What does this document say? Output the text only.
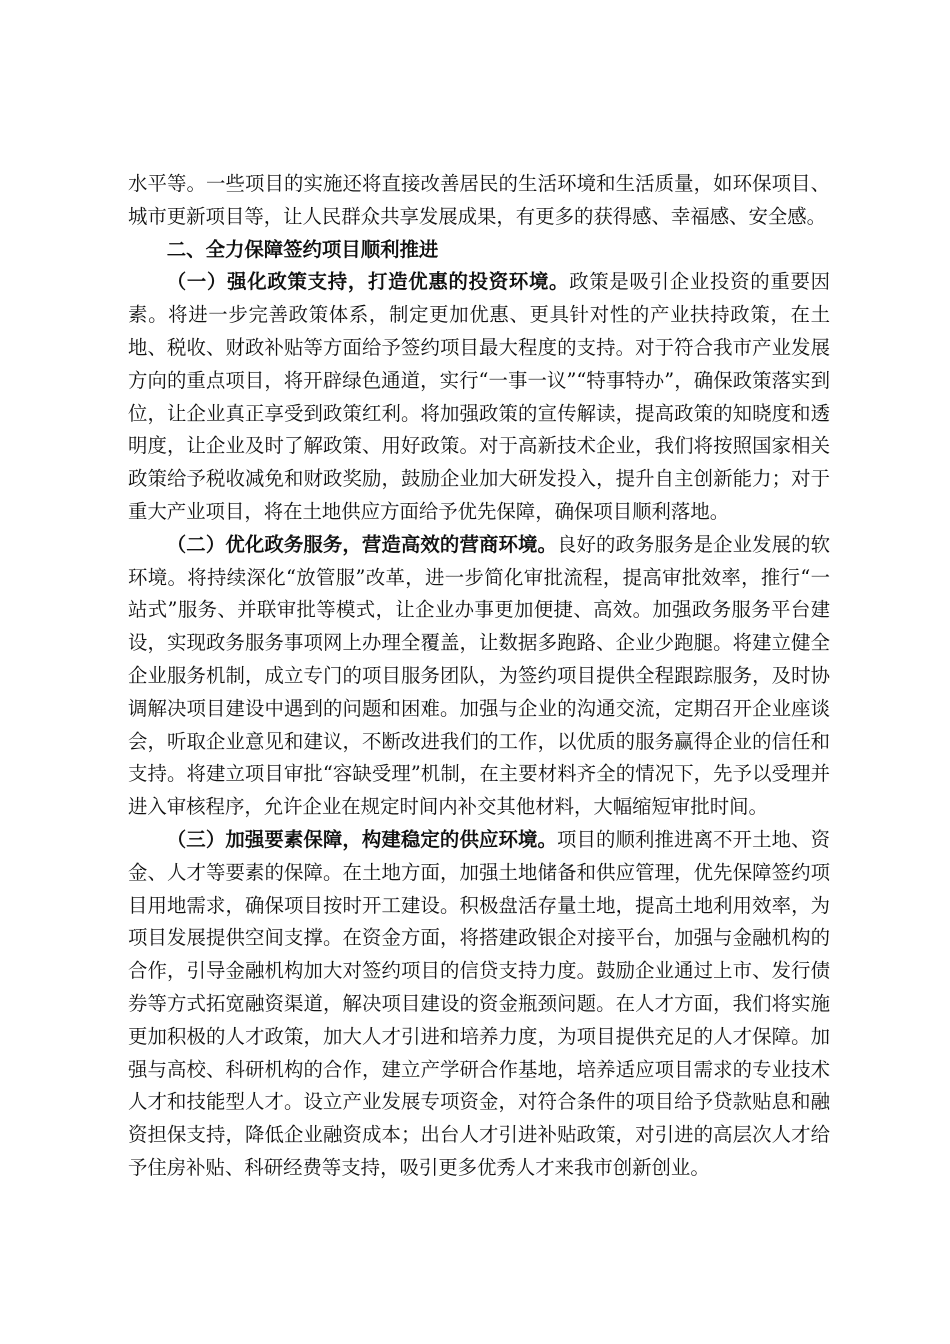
水平等。一些项目的实施还将直接改善居民的生活环境和生活质量，如环保项目、城市更新项目等，让人民群众共享发展成果，有更多的获得感、幸福感、安全感。

二、全力保障签约项目顺利推进

（一）强化政策支持，打造优惠的投资环境。政策是吸引企业投资的重要因素。将进一步完善政策体系，制定更加优惠、更具针对性的产业扶持政策，在土地、税收、财政补贴等方面给予签约项目最大程度的支持。对于符合我市产业发展方向的重点项目，将开辟绿色通道，实行“一事一议”“特事特办”，确保政策落实到位，让企业真正享受到政策红利。将加强政策的宣传解读，提高政策的知晓度和透明度，让企业及时了解政策、用好政策。对于高新技术企业，我们将按照国家相关政策给予税收减免和财政奖励，鼓励企业加大研发投入，提升自主创新能力；对于重大产业项目，将在土地供应方面给予优先保障，确保项目顺利落地。

（二）优化政务服务，营造高效的营商环境。良好的政务服务是企业发展的软环境。将持续深化“放管服”改革，进一步简化审批流程，提高审批效率，推行“一站式”服务、并联审批等模式，让企业办事更加便捷、高效。加强政务服务平台建设，实现政务服务事项网上办理全覆盖，让数据多跑路、企业少跑腿。将建立健全企业服务机制，成立专门的项目服务团队，为签约项目提供全程跟踪服务，及时协调解决项目建设中遇到的问题和困难。加强与企业的沟通交流，定期召开企业座谈会，听取企业意见和建议，不断改进我们的工作，以优质的服务赢得企业的信任和支持。将建立项目审批“容缺受理”机制，在主要材料齐全的情况下，先予以受理并进入审核程序，允许企业在规定时间内补交其他材料，大幅缩短审批时间。

（三）加强要素保障，构建稳定的供应环境。项目的顺利推进离不开土地、资金、人才等要素的保障。在土地方面，加强土地储备和供应管理，优先保障签约项目用地需求，确保项目按时开工建设。积极盘活存量土地，提高土地利用效率，为项目发展提供空间支撑。在资金方面，将搭建政银企对接平台，加强与金融机构的合作，引导金融机构加大对签约项目的信贷支持力度。鼓励企业通过上市、发行债券等方式拓宽融资渠道，解决项目建设的资金瓶颈问题。在人才方面，我们将实施更加积极的人才政策，加大人才引进和培养力度，为项目提供充足的人才保障。加强与高校、科研机构的合作，建立产学研合作基地，培养适应项目需求的专业技术人才和技能型人才。设立产业发展专项资金，对符合条件的项目给予贷款贴息和融资担保支持，降低企业融资成本；出台人才引进补贴政策，对引进的高层次人才给予住房补贴、科研经费等支持，吸引更多优秀人才来我市创新创业。
